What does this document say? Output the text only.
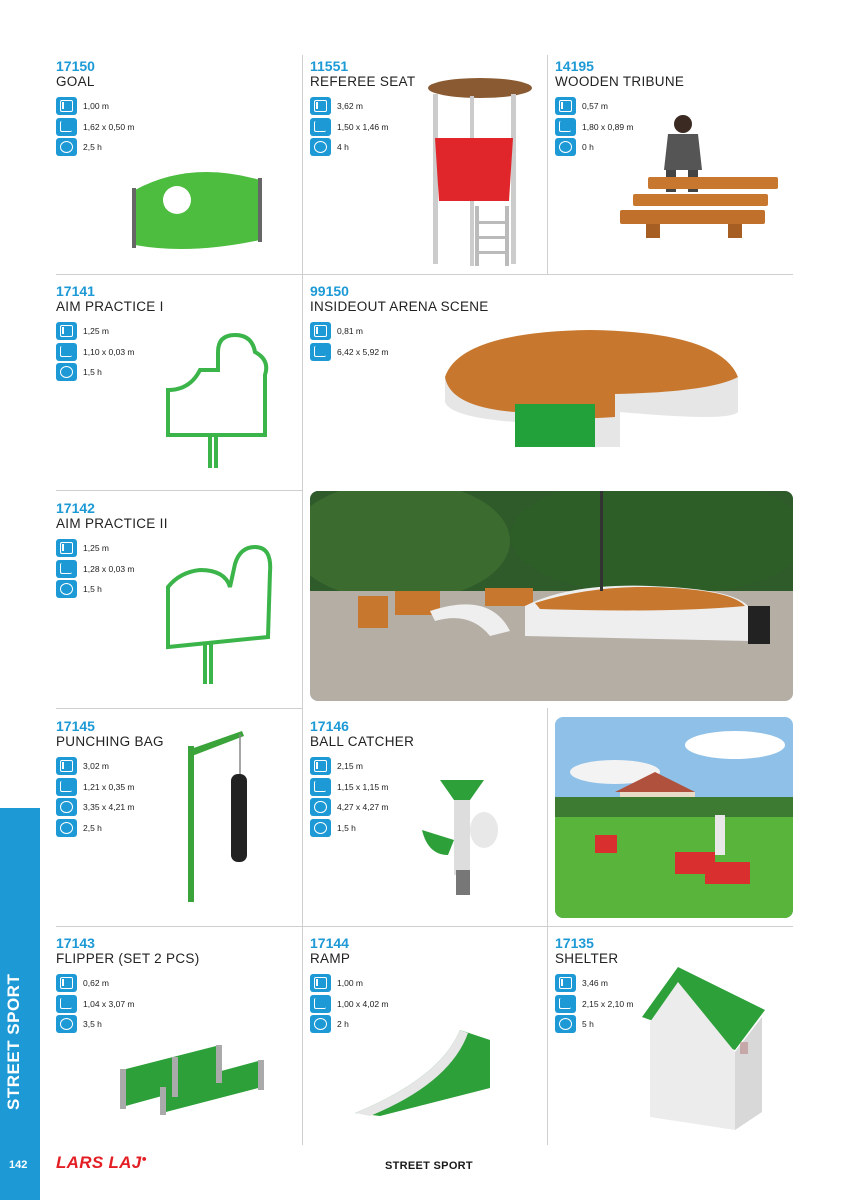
17150
GOAL
1,00 m
1,62 x 0,50 m
2,5 h
11551
REFEREE SEAT
3,62 m
1,50 x 1,46 m
4 h
14195
WOODEN TRIBUNE
0,57 m
1,80 x 0,89 m
0 h
17141
AIM PRACTICE I
1,25 m
1,10 x 0,03 m
1,5 h
99150
INSIDEOUT ARENA SCENE
0,81 m
6,42 x 5,92 m
17142
AIM PRACTICE II
1,25 m
1,28 x 0,03 m
1,5 h
17145
PUNCHING BAG
3,02 m
1,21 x 0,35 m
3,35 x 4,21 m
2,5 h
17146
BALL CATCHER
2,15 m
1,15 x 1,15 m
4,27 x 4,27 m
1,5 h
17143
FLIPPER (SET 2 PCS)
0,62 m
1,04 x 3,07 m
3,5 h
17144
RAMP
1,00 m
1,00 x 4,02 m
2 h
17135
SHELTER
3,46 m
2,15 x 2,10 m
5 h
142 LARS LAJ●
STREET SPORT
